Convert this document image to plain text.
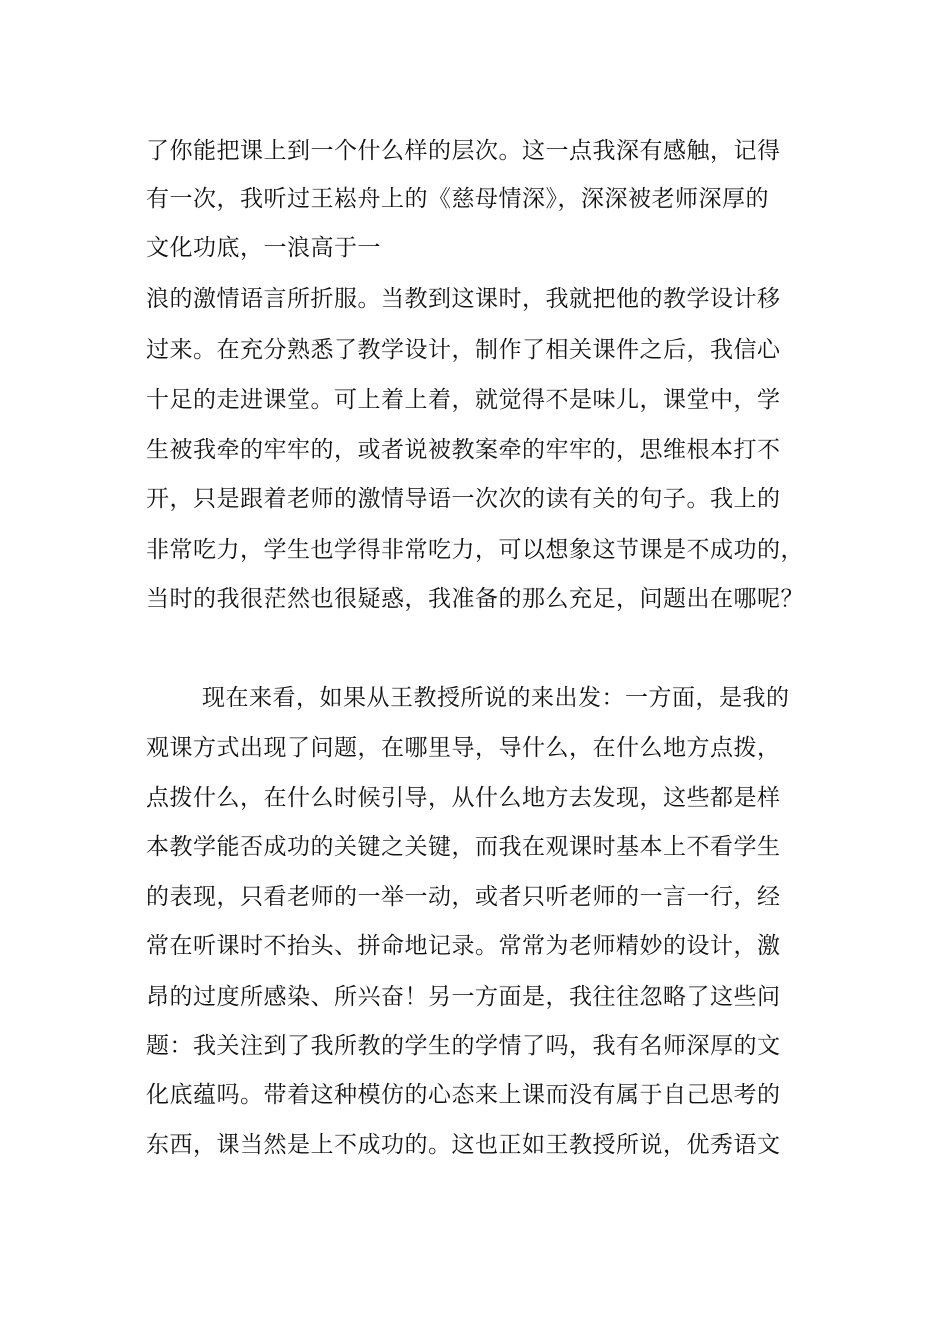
了你能把课上到一个什么样的层次。这一点我深有感触，记得
有一次，我听过王崧舟上的《慈母情深》，深深被老师深厚的
文化功底，一浪高于一
浪的激情语言所折服。当教到这课时，我就把他的教学设计移
过来。在充分熟悉了教学设计，制作了相关课件之后，我信心
十足的走进课堂。可上着上着，就觉得不是味儿，课堂中，学
生被我牵的牢牢的，或者说被教案牵的牢牢的，思维根本打不
开，只是跟着老师的激情导语一次次的读有关的句子。我上的
非常吃力，学生也学得非常吃力，可以想象这节课是不成功的，
当时的我很茫然也很疑惑，我准备的那么充足，问题出在哪呢？
现在来看，如果从王教授所说的来出发：一方面，是我的
观课方式出现了问题，在哪里导，导什么，在什么地方点拨，
点拨什么，在什么时候引导，从什么地方去发现，这些都是样
本教学能否成功的关键之关键，而我在观课时基本上不看学生
的表现，只看老师的一举一动，或者只听老师的一言一行，经
常在听课时不抬头、拼命地记录。常常为老师精妙的设计，激
昂的过度所感染、所兴奋！另一方面是，我往往忽略了这些问
题：我关注到了我所教的学生的学情了吗，我有名师深厚的文
化底蕴吗。带着这种模仿的心态来上课而没有属于自己思考的
东西，课当然是上不成功的。这也正如王教授所说，优秀语文
